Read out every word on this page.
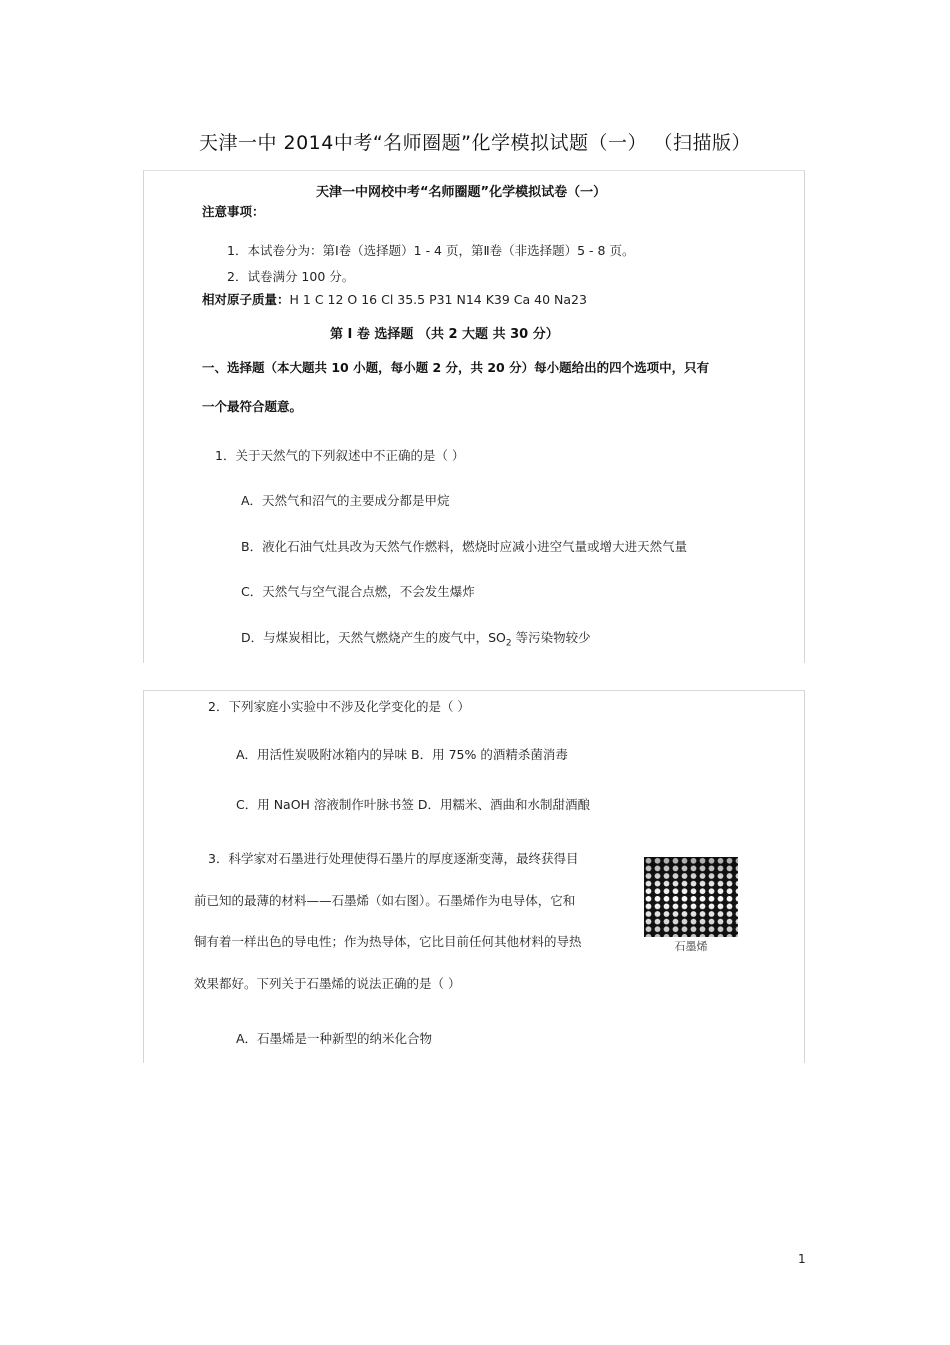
天津一中 2014中考“名师圈题”化学模拟试题（一） （扫描版）
天津一中网校中考“名师圈题”化学模拟试卷（一）
注意事项：
1．本试卷分为：第Ⅰ卷（选择题）1 - 4 页，第Ⅱ卷（非选择题）5 - 8 页。
2．试卷满分 100 分。
相对原子质量：H 1 C 12 O 16 Cl 35.5 P31 N14 K39 Ca 40 Na23
第 Ⅰ 卷 选择题 （共 2 大题 共 30 分）
一、选择题（本大题共 10 小题，每小题 2 分，共 20 分）每小题给出的四个选项中，只有
一个最符合题意。
1．关于天然气的下列叙述中不正确的是（ ）
A．天然气和沼气的主要成分都是甲烷
B．液化石油气灶具改为天然气作燃料，燃烧时应减小进空气量或增大进天然气量
C．天然气与空气混合点燃，不会发生爆炸
D．与煤炭相比，天然气燃烧产生的废气中，$SO_2$ 等污染物较少
2．下列家庭小实验中不涉及化学变化的是（ ）
A．用活性炭吸附冰箱内的异味 B．用 75% 的酒精杀菌消毒
C．用 NaOH 溶液制作叶脉书签 D．用糯米、酒曲和水制甜酒酿
3．科学家对石墨进行处理使得石墨片的厚度逐渐变薄，最终获得目
前已知的最薄的材料——石墨烯（如右图）。石墨烯作为电导体，它和
铜有着一样出色的导电性；作为热导体，它比目前任何其他材料的导热
效果都好。下列关于石墨烯的说法正确的是（ ）
A．石墨烯是一种新型的纳米化合物
石墨烯
1
